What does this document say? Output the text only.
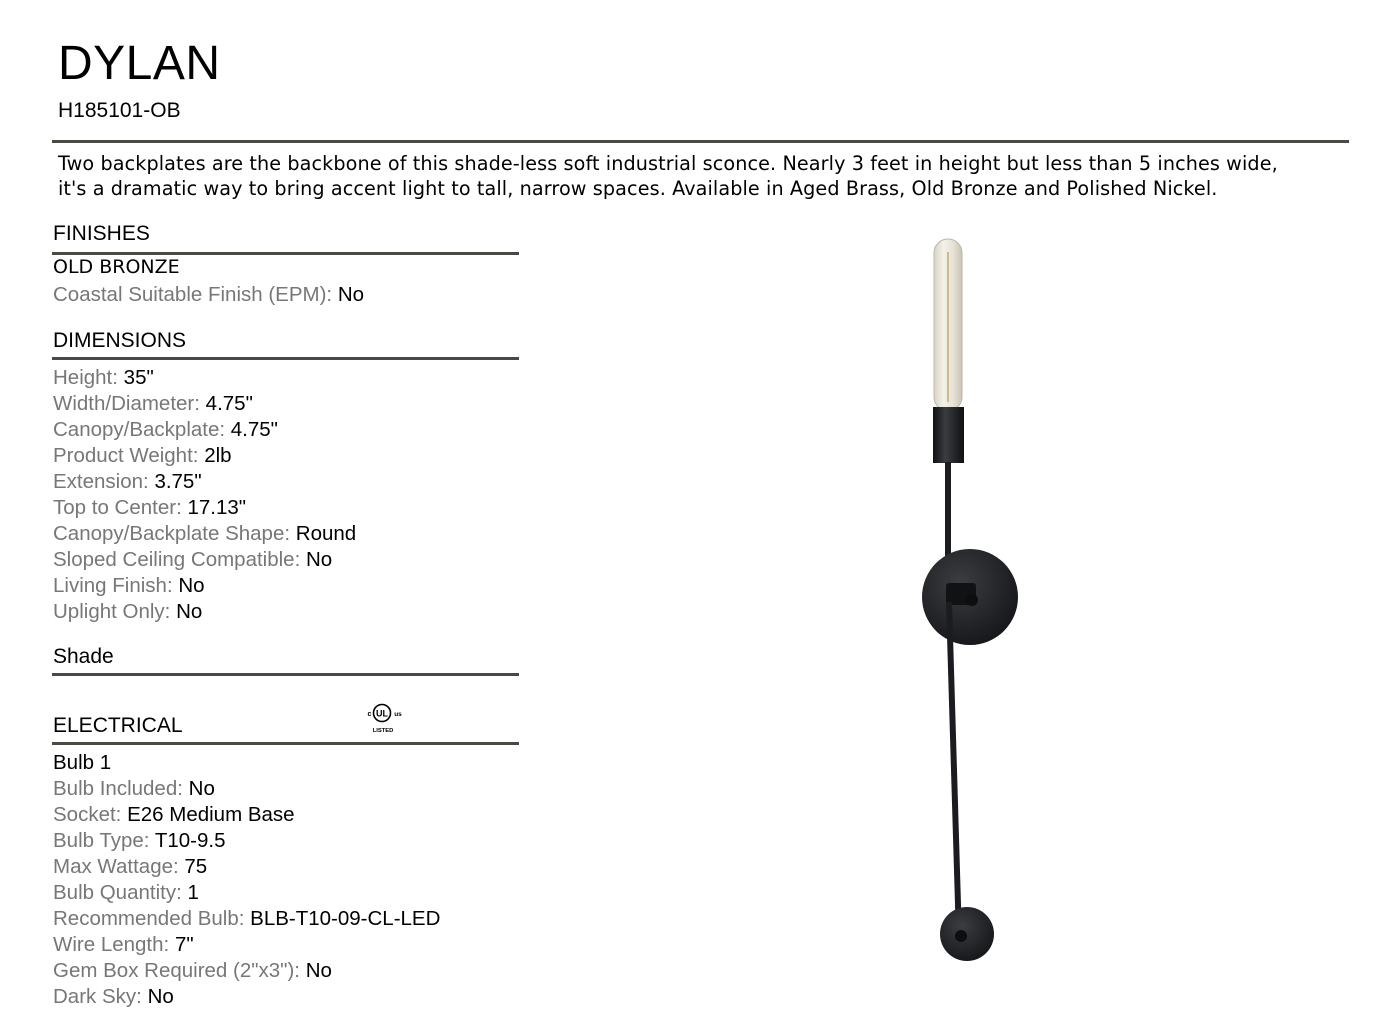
DYLAN
H185101-OB
Two backplates are the backbone of this shade-less soft industrial sconce. Nearly 3 feet in height but less than 5 inches wide, it's a dramatic way to bring accent light to tall, narrow spaces. Available in Aged Brass, Old Bronze and Polished Nickel.
FINISHES
OLD BRONZE
Coastal Suitable Finish (EPM): No
DIMENSIONS
Height: 35"
Width/Diameter: 4.75"
Canopy/Backplate: 4.75"
Product Weight: 2lb
Extension: 3.75"
Top to Center: 17.13"
Canopy/Backplate Shape: Round
Sloped Ceiling Compatible: No
Living Finish: No
Uplight Only: No
Shade
ELECTRICAL
UL
c	us
LISTED
Bulb 1
Bulb Included: No
Socket: E26 Medium Base
Bulb Type: T10-9.5
Max Wattage: 75
Bulb Quantity: 1
Recommended Bulb: BLB-T10-09-CL-LED
Wire Length: 7"
Gem Box Required (2"x3"): No
Dark Sky: No
